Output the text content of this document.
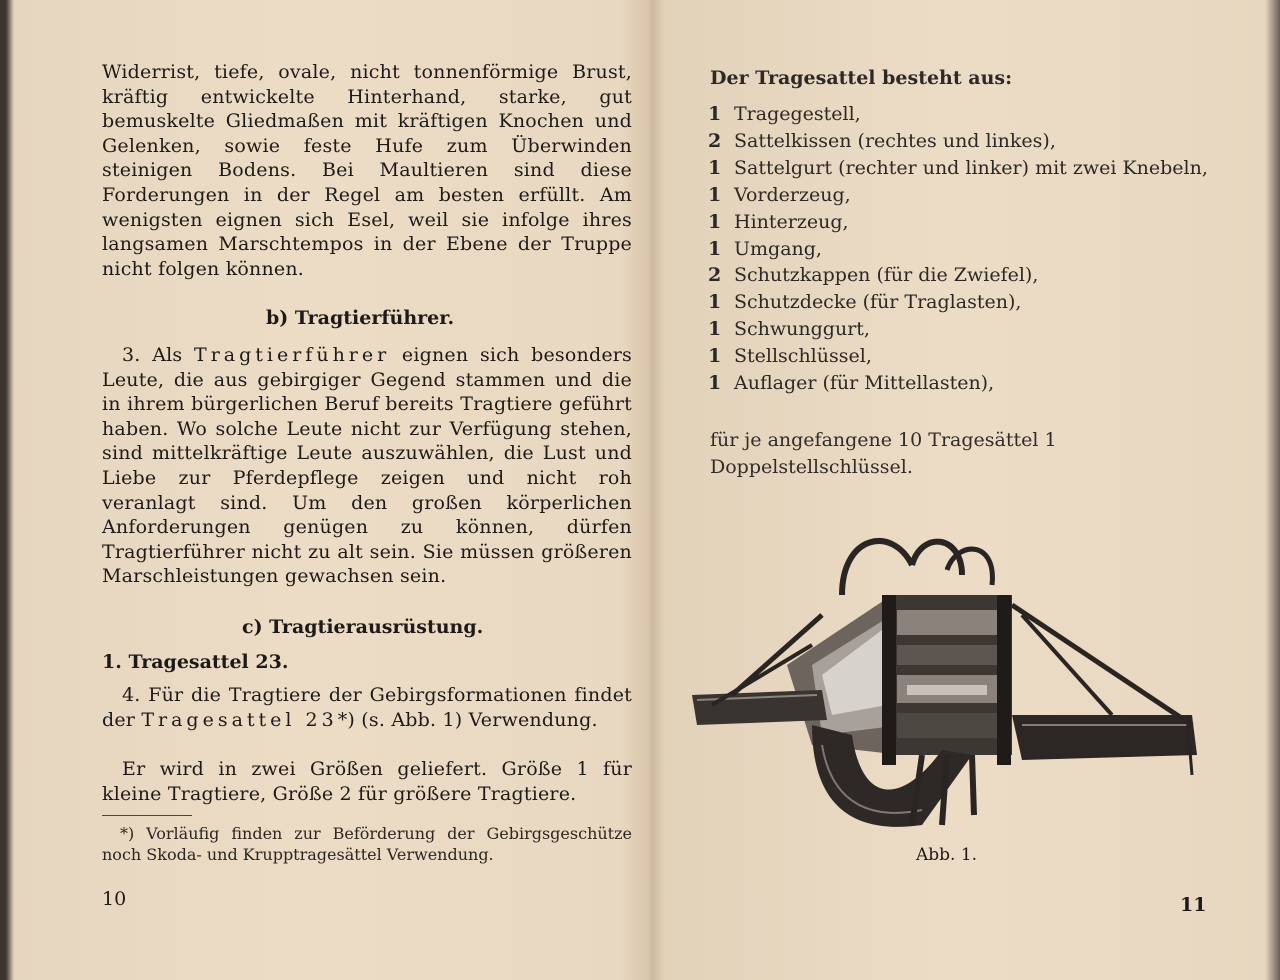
Widerrist, tiefe, ovale, nicht tonnenförmige Brust, kräftig entwickelte Hinterhand, starke, gut bemuskelte Gliedmaßen mit kräftigen Knochen und Gelenken, sowie feste Hufe zum Überwinden steinigen Bodens. Bei Maultieren sind diese Forderungen in der Regel am besten erfüllt. Am wenigsten eignen sich Esel, weil sie infolge ihres langsamen Marschtempos in der Ebene der Truppe nicht folgen können.

b) Tragtierführer.

3. Als Tragtierführer eignen sich besonders Leute, die aus gebirgiger Gegend stammen und die in ihrem bürgerlichen Beruf bereits Tragtiere geführt haben. Wo solche Leute nicht zur Verfügung stehen, sind mittelkräftige Leute auszuwählen, die Lust und Liebe zur Pferdepflege zeigen und nicht roh veranlagt sind. Um den großen körperlichen Anforderungen genügen zu können, dürfen Tragtierführer nicht zu alt sein. Sie müssen größeren Marschleistungen gewachsen sein.

c) Tragtierausrüstung.

1. Tragesattel 23.

4. Für die Tragtiere der Gebirgsformationen findet der Tragesattel 23*) (s. Abb. 1) Verwendung.

Er wird in zwei Größen geliefert. Größe 1 für kleine Tragtiere, Größe 2 für größere Tragtiere.

*) Vorläufig finden zur Beförderung der Gebirgsgeschütze noch Skoda- und Krupptragesättel Verwendung.

10

Der Tragesattel besteht aus:

1 Tragegestell,
2 Sattelkissen (rechtes und linkes),
1 Sattelgurt (rechter und linker) mit zwei Knebeln,
1 Vorderzeug,
1 Hinterzeug,
1 Umgang,
2 Schutzkappen (für die Zwiefel),
1 Schutzdecke (für Traglasten),
1 Schwunggurt,
1 Stellschlüssel,
1 Auflager (für Mittellasten),

für je angefangene 10 Tragesättel 1 Doppelstellschlüssel.

Abb. 1.
11
